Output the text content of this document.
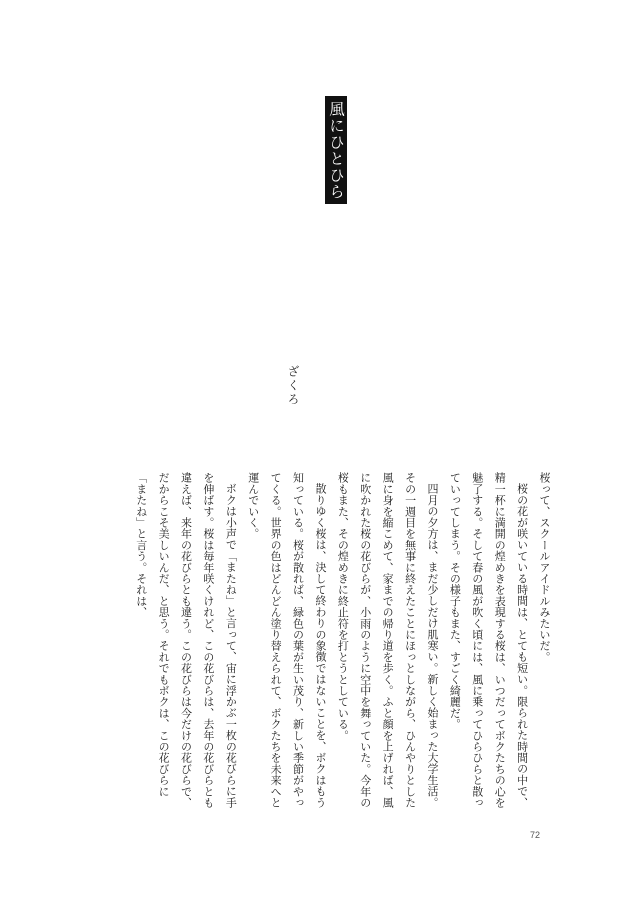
風にひとひら
ざくろ

桜って、スクールアイドルみたいだ。

桜の花が咲いている時間は、とても短い。限られた時間の中で、精一杯に満開の煌めきを表現する桜は、いつだってボクたちの心を魅了する。そして春の風が吹く頃には、風に乗ってひらひらと散っていってしまう。その様子もまた、すごく綺麗だ。

四月の夕方は、まだ少しだけ肌寒い。新しく始まった大学生活。その一週目を無事に終えたことにほっとしながら、ひんやりとした風に身を縮こめて、家までの帰り道を歩く。ふと顔を上げれば、風に吹かれた桜の花びらが、小雨のように空中を舞っていた。今年の桜もまた、その煌めきに終止符を打とうとしている。

散りゆく桜は、決して終わりの象徴ではないことを、ボクはもう知っている。桜が散れば、緑色の葉が生い茂り、新しい季節がやってくる。世界の色はどんどん塗り替えられて、ボクたちを未来へと運んでいく。

ボクは小声で「またね」と言って、宙に浮かぶ一枚の花びらに手を伸ばす。桜は毎年咲くけれど、この花びらは、去年の花びらとも違えば、来年の花びらとも違う。この花びらは今だけの花びらで、だからこそ美しいんだ、と思う。それでもボクは、この花びらに「またね」と言う。それは、

72
